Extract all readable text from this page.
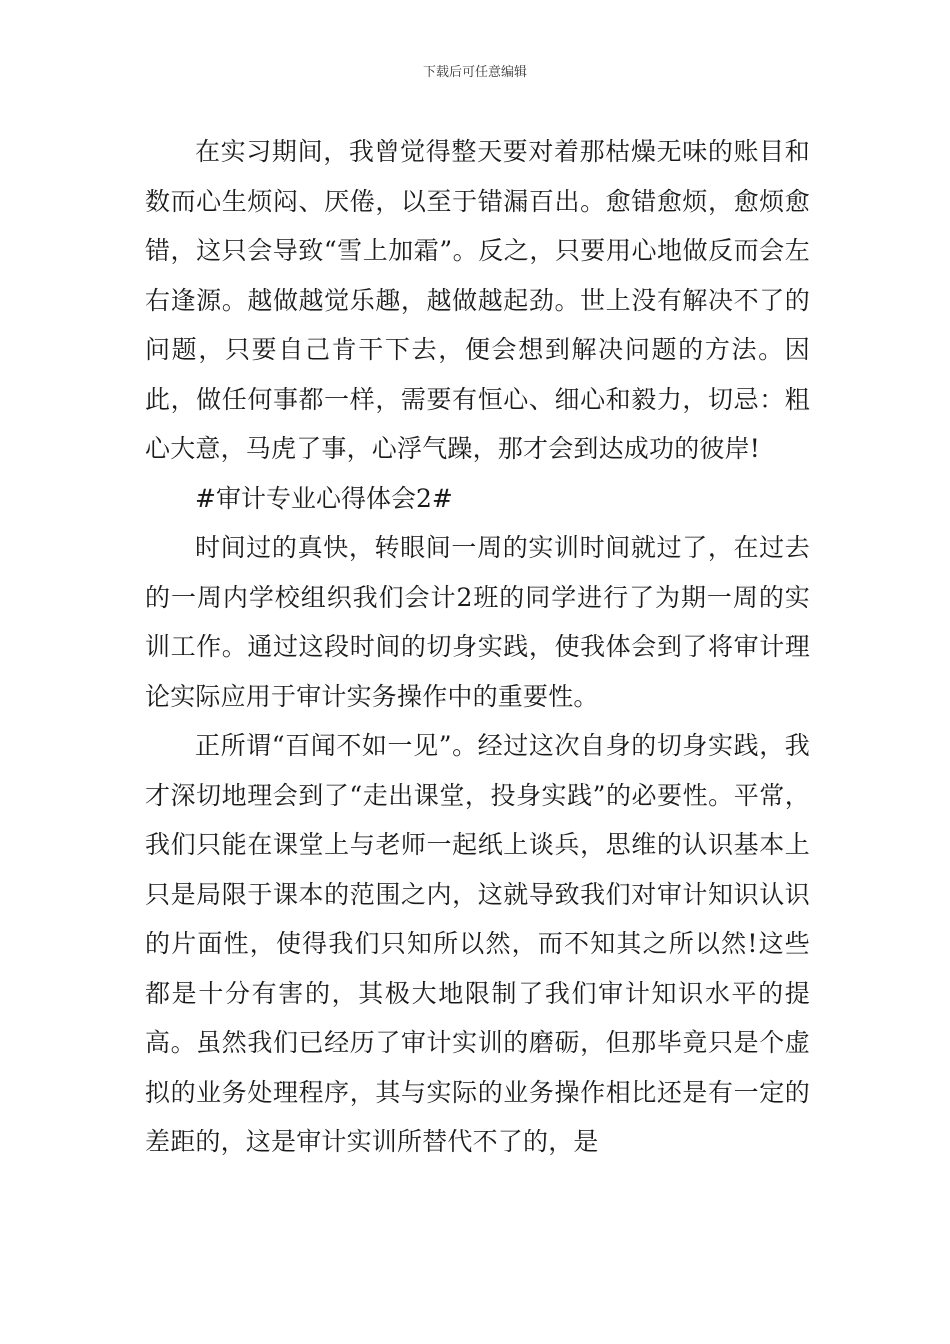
下载后可任意编辑

在实习期间，我曾觉得整天要对着那枯燥无味的账目和数而心生烦闷、厌倦，以至于错漏百出。愈错愈烦，愈烦愈错，这只会导致“雪上加霜”。反之，只要用心地做反而会左右逢源。越做越觉乐趣，越做越起劲。世上没有解决不了的问题，只要自己肯干下去，便会想到解决问题的方法。因此，做任何事都一样，需要有恒心、细心和毅力，切忌：粗心大意，马虎了事，心浮气躁，那才会到达成功的彼岸!

#审计专业心得体会2#

时间过的真快，转眼间一周的实训时间就过了，在过去的一周内学校组织我们会计2班的同学进行了为期一周的实训工作。通过这段时间的切身实践，使我体会到了将审计理论实际应用于审计实务操作中的重要性。

正所谓“百闻不如一见”。经过这次自身的切身实践，我才深切地理会到了“走出课堂，投身实践”的必要性。平常，我们只能在课堂上与老师一起纸上谈兵，思维的认识基本上只是局限于课本的范围之内，这就导致我们对审计知识认识的片面性，使得我们只知所以然，而不知其之所以然!这些都是十分有害的，其极大地限制了我们审计知识水平的提高。虽然我们已经历了审计实训的磨砺，但那毕竟只是个虚拟的业务处理程序，其与实际的业务操作相比还是有一定的差距的，这是审计实训所替代不了的，是
